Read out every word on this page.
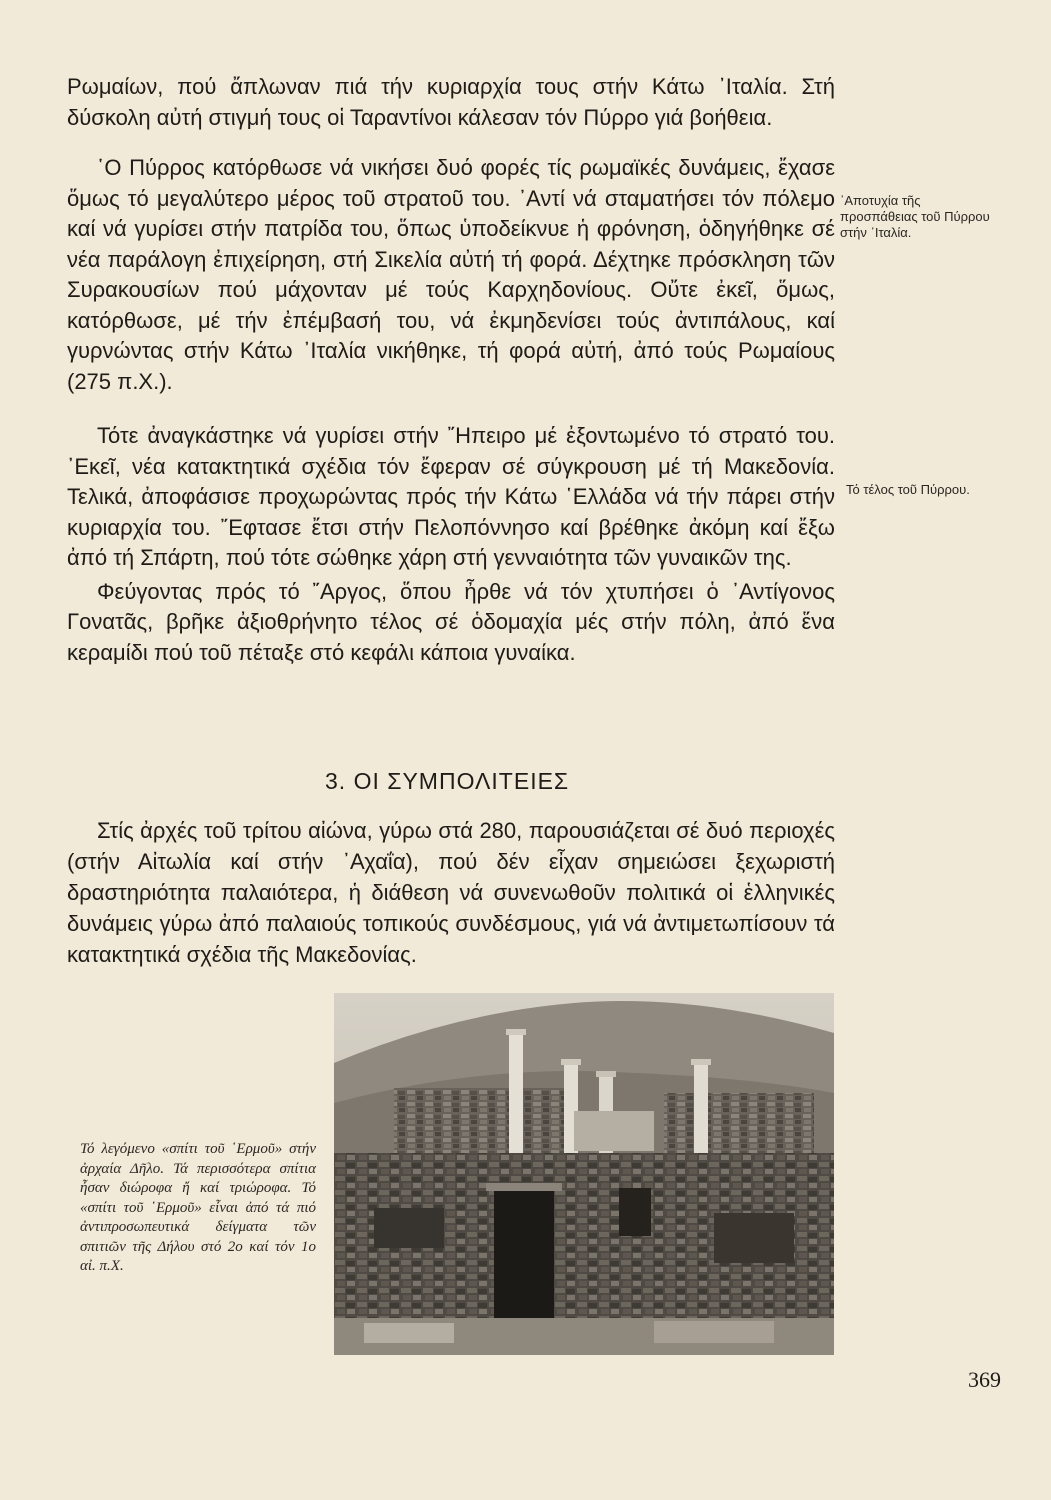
Ρωμαίων, πού ἄπλωναν πιά τήν κυριαρχία τους στήν Κάτω ᾿Ιταλία. Στή δύσκολη αὐτή στιγμή τους οἱ Ταραντίνοι κάλεσαν τόν Πύρρο γιά βοήθεια.

῾Ο Πύρρος κατόρθωσε νά νικήσει δυό φορές τίς ρωμαϊκές δυνάμεις, ἔχασε ὅμως τό μεγαλύτερο μέρος τοῦ στρατοῦ του. ᾿Αντί νά σταματήσει τόν πόλεμο καί νά γυρίσει στήν πατρίδα του, ὅπως ὑποδείκνυε ἡ φρόνηση, ὁδηγήθηκε σέ νέα παράλογη ἐπιχείρηση, στή Σικελία αὐτή τή φορά. Δέχτηκε πρόσκληση τῶν Συρακουσίων πού μάχονταν μέ τούς Καρχηδονίους. Οὔτε ἐκεῖ, ὅμως, κατόρθωσε, μέ τήν ἐπέμβασή του, νά ἐκμηδενίσει τούς ἀντιπάλους, καί γυρνώντας στήν Κάτω ᾿Ιταλία νικήθηκε, τή φορά αὐτή, ἀπό τούς Ρωμαίους (275 π.Χ.).

Τότε ἀναγκάστηκε νά γυρίσει στήν ῎Ηπειρο μέ ἐξοντωμένο τό στρατό του. ᾿Εκεῖ, νέα κατακτητικά σχέδια τόν ἔφεραν σέ σύγκρουση μέ τή Μακεδονία. Τελικά, ἀποφάσισε προχωρώντας πρός τήν Κάτω ῾Ελλάδα νά τήν πάρει στήν κυριαρχία του. ῎Εφτασε ἔτσι στήν Πελοπόννησο καί βρέθηκε ἀκόμη καί ἔξω ἀπό τή Σπάρτη, πού τότε σώθηκε χάρη στή γενναιότητα τῶν γυναικῶν της.

Φεύγοντας πρός τό ῎Αργος, ὅπου ἦρθε νά τόν χτυπήσει ὁ ᾿Αντίγονος Γονατᾶς, βρῆκε ἀξιοθρήνητο τέλος σέ ὁδομαχία μές στήν πόλη, ἀπό ἕνα κεραμίδι πού τοῦ πέταξε στό κεφάλι κάποια γυναίκα.

3. ΟΙ ΣΥΜΠΟΛΙΤΕΙΕΣ

Στίς ἀρχές τοῦ τρίτου αἰώνα, γύρω στά 280, παρουσιάζεται σέ δυό περιοχές (στήν Αἰτωλία καί στήν ᾿Αχαΐα), πού δέν εἶχαν σημειώσει ξεχωριστή δραστηριότητα παλαιότερα, ἡ διάθεση νά συνενωθοῦν πολιτικά οἱ ἑλληνικές δυνάμεις γύρω ἀπό παλαιούς τοπικούς συνδέσμους, γιά νά ἀντιμετωπίσουν τά κατακτητικά σχέδια τῆς Μακεδονίας.

᾿Αποτυχία τῆς προσπάθειας τοῦ Πύρρου στήν ᾿Ιταλία.
Τό τέλος τοῦ Πύρρου.
Τό λεγόμενο «σπίτι τοῦ ῾Ερμοῦ» στήν ἀρχαία Δῆλο. Τά περισσότερα σπίτια ἦσαν διώροφα ἤ καί τριώροφα. Τό «σπίτι τοῦ ῾Ερμοῦ» εἶναι ἀπό τά πιό ἀντιπροσωπευτικά δείγματα τῶν σπιτιῶν τῆς Δήλου στό 2ο καί τόν 1ο αἰ. π.Χ.
369
